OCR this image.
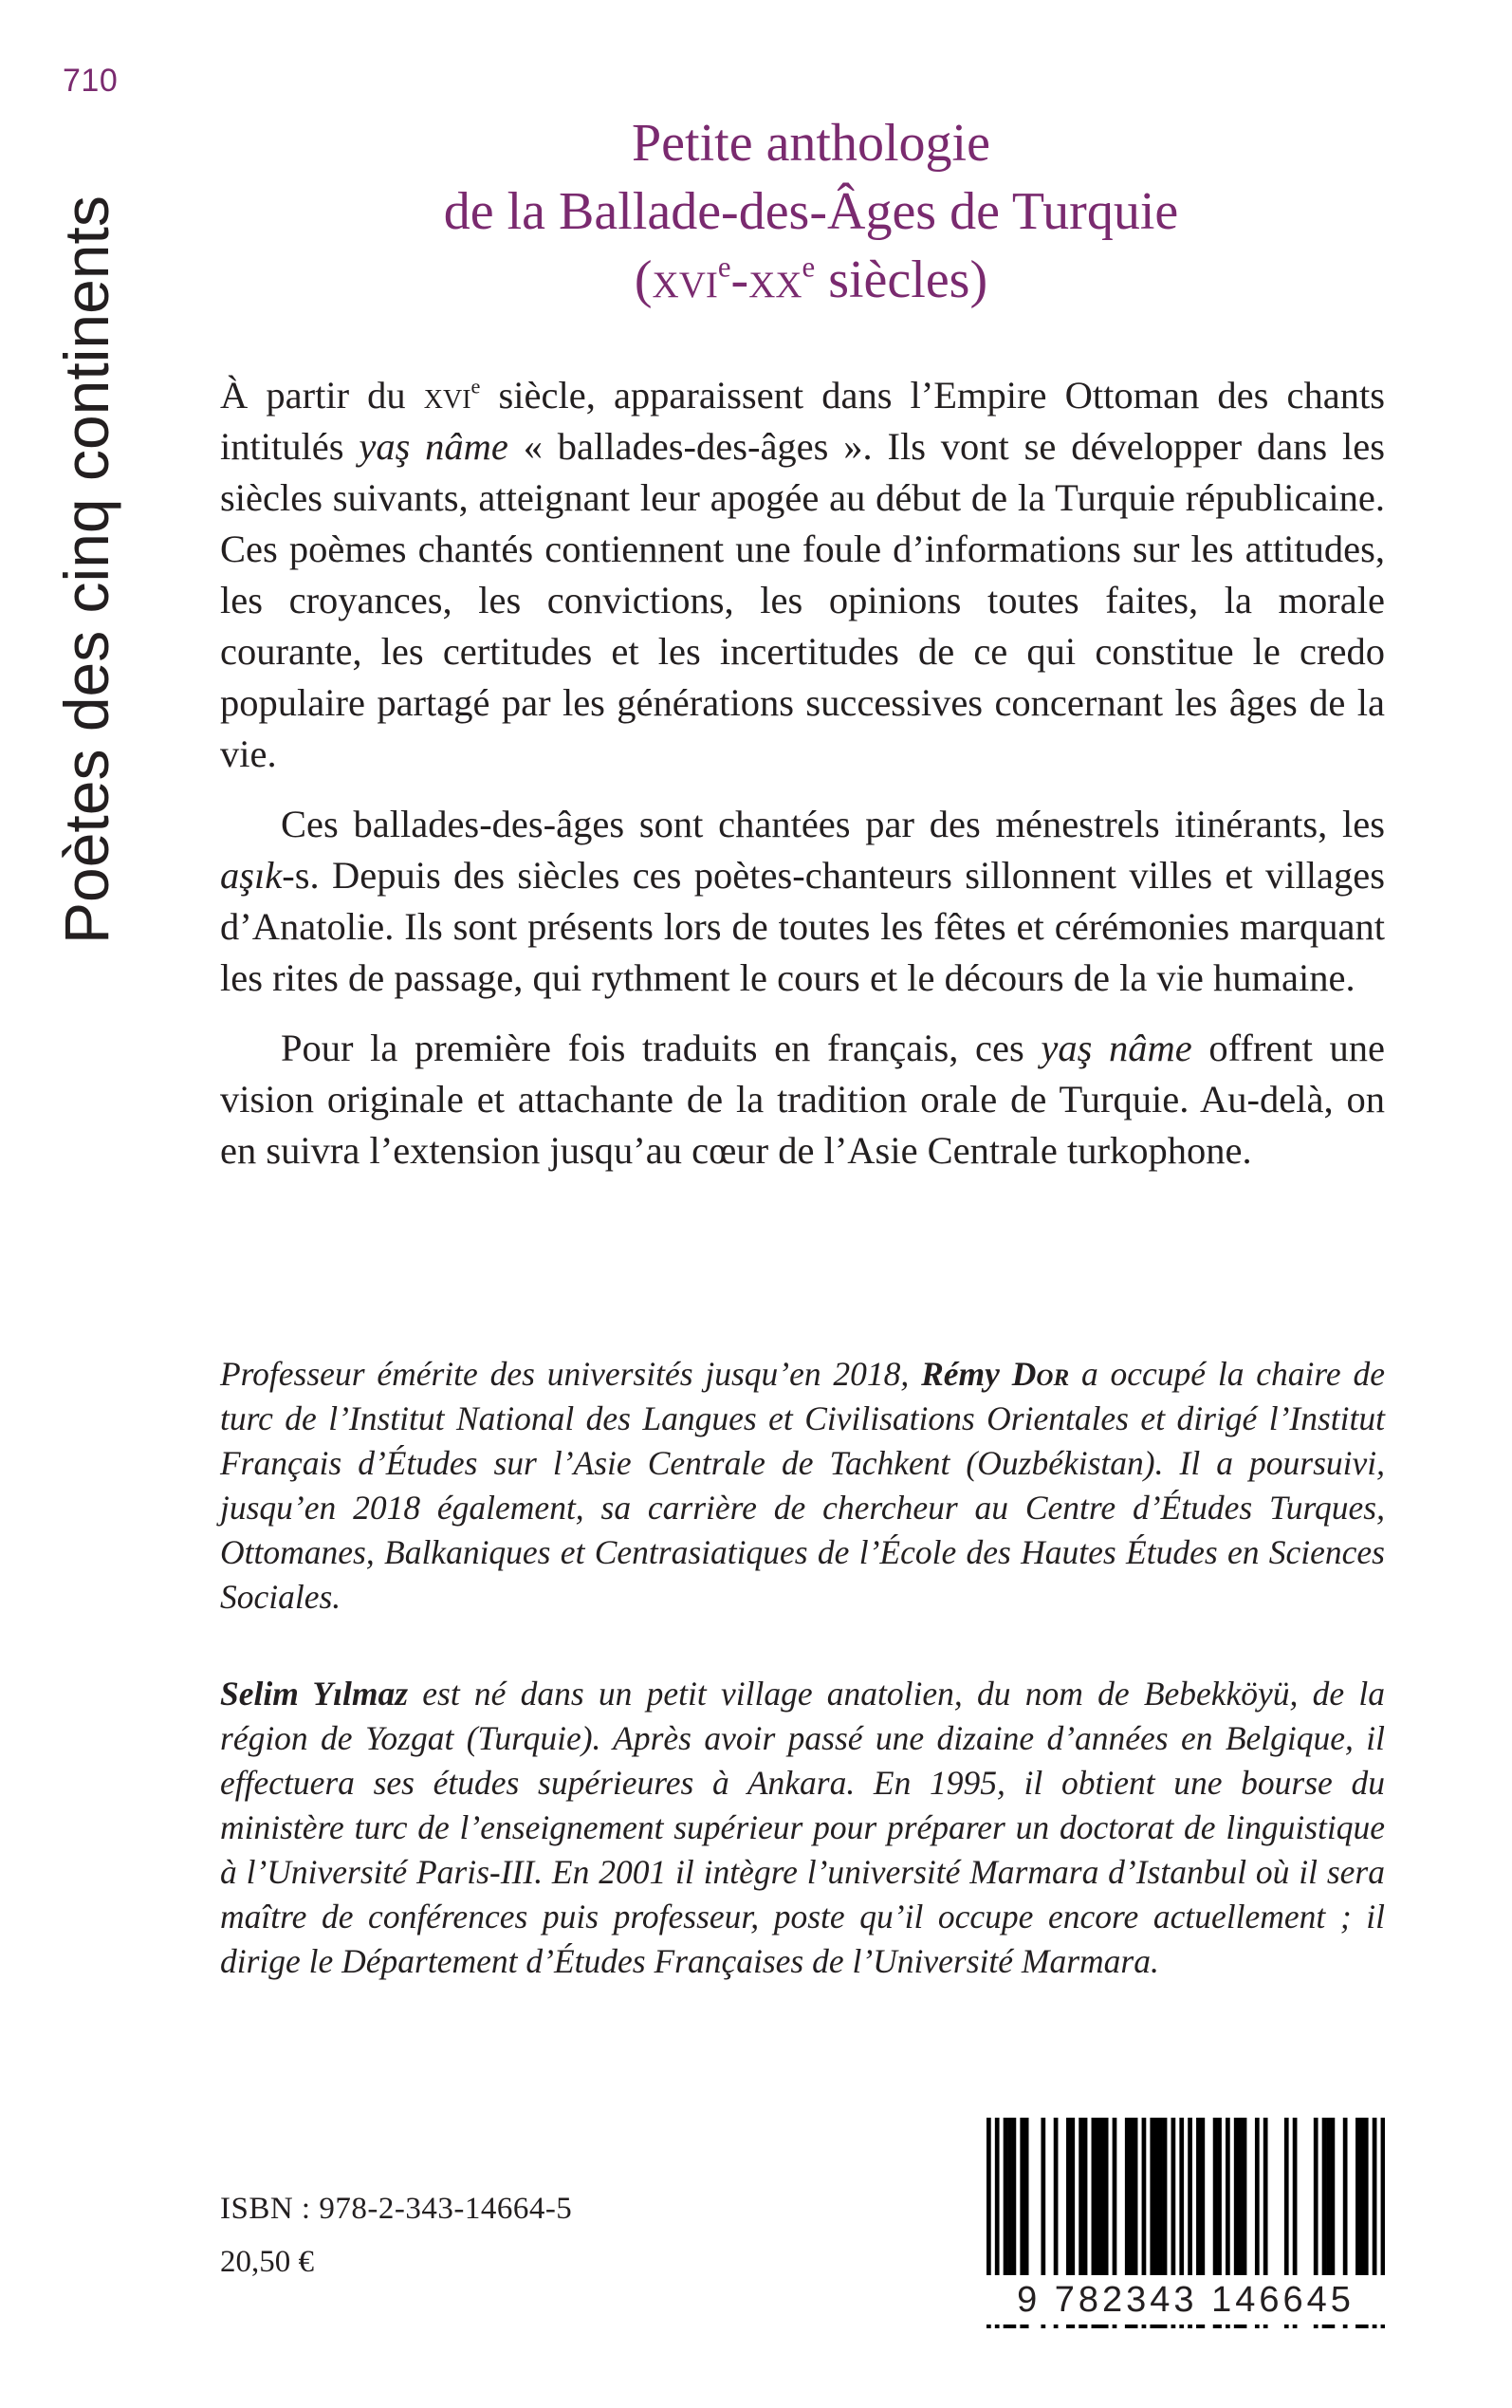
710
Poètes des cinq continents
Petite anthologie
de la Ballade-des-Âges de Turquie
($xvi^e-xx^e$ siècles)

À partir du xvi$^e$ siècle, apparaissent dans l’Empire Ottoman des chants intitulés yaş nâme « ballades-des-âges ». Ils vont se développer dans les siècles suivants, atteignant leur apogée au début de la Turquie républicaine. Ces poèmes chantés contiennent une foule d’informations sur les attitudes, les croyances, les convictions, les opinions toutes faites, la morale courante, les certitudes et les incertitudes de ce qui constitue le credo populaire partagé par les générations successives concernant les âges de la vie.

Ces ballades-des-âges sont chantées par des ménestrels itinérants, les aşık-s. Depuis des siècles ces poètes-chanteurs sillonnent villes et villages d’Anatolie. Ils sont présents lors de toutes les fêtes et cérémonies marquant les rites de passage, qui rythment le cours et le décours de la vie humaine.

Pour la première fois traduits en français, ces yaş nâme offrent une vision originale et attachante de la tradition orale de Turquie. Au-delà, on en suivra l’extension jusqu’au cœur de l’Asie Centrale turkophone.

Professeur émérite des universités jusqu’en 2018, Rémy Dor a occupé la chaire de turc de l’Institut National des Langues et Civilisations Orientales et dirigé l’Institut Français d’Études sur l’Asie Centrale de Tachkent (Ouzbékistan). Il a poursuivi, jusqu’en 2018 également, sa carrière de chercheur au Centre d’Études Turques, Ottomanes, Balkaniques et Centrasiatiques de l’École des Hautes Études en Sciences Sociales.

Selim Yılmaz est né dans un petit village anatolien, du nom de Bebekköyü, de la région de Yozgat (Turquie). Après avoir passé une dizaine d’années en Belgique, il effectuera ses études supérieures à Ankara. En 1995, il obtient une bourse du ministère turc de l’enseignement supérieur pour préparer un doctorat de linguistique à l’Université Paris-III. En 2001 il intègre l’université Marmara d’Istanbul où il sera maître de conférences puis professeur, poste qu’il occupe encore actuellement ; il dirige le Département d’Études Françaises de l’Université Marmara.

ISBN : 978-2-343-14664-5
20,50 €
9 782343 146645
